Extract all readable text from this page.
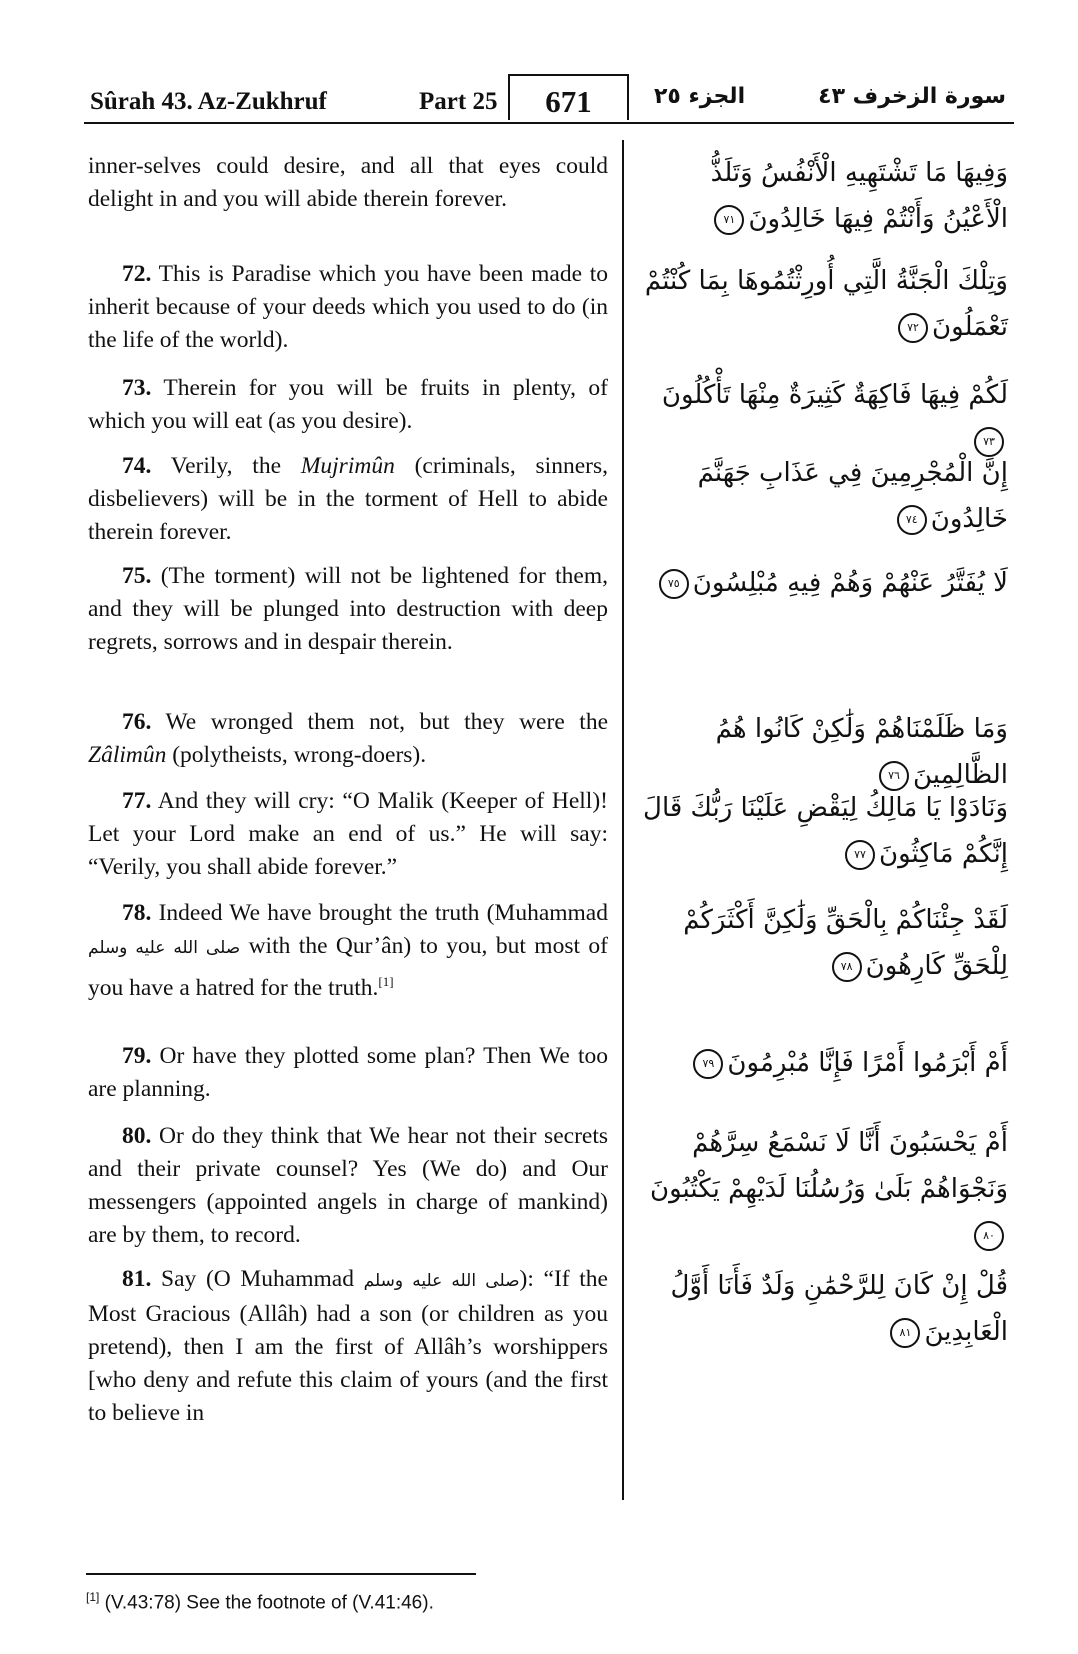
Sûrah 43. Az-Zukhruf	Part 25	671	الجزء ٢٥	سورة الزخرف ٤٣
inner-selves could desire, and all that eyes could delight in and you will abide therein forever.
وَفِيهَا مَا تَشْتَهِيهِ الْأَنْفُسُ وَتَلَذُّ الْأَعْيُنُ وَأَنْتُمْ فِيهَا خَالِدُونَ٧١
72. This is Paradise which you have been made to inherit because of your deeds which you used to do (in the life of the world).
وَتِلْكَ الْجَنَّةُ الَّتِي أُورِثْتُمُوهَا بِمَا كُنْتُمْ تَعْمَلُونَ٧٢
73. Therein for you will be fruits in plenty, of which you will eat (as you desire).
لَكُمْ فِيهَا فَاكِهَةٌ كَثِيرَةٌ مِنْهَا تَأْكُلُونَ٧٣
74. Verily, the Mujrimûn (criminals, sinners, disbelievers) will be in the torment of Hell to abide therein forever.
إِنَّ الْمُجْرِمِينَ فِي عَذَابِ جَهَنَّمَ خَالِدُونَ٧٤
75. (The torment) will not be lightened for them, and they will be plunged into destruction with deep regrets, sorrows and in despair therein.
لَا يُفَتَّرُ عَنْهُمْ وَهُمْ فِيهِ مُبْلِسُونَ٧٥
76. We wronged them not, but they were the Zâlimûn (polytheists, wrong-doers).
وَمَا ظَلَمْنَاهُمْ وَلَٰكِنْ كَانُوا هُمُ الظَّالِمِينَ٧٦
77. And they will cry: “O Malik (Keeper of Hell)! Let your Lord make an end of us.” He will say: “Verily, you shall abide forever.”
وَنَادَوْا يَا مَالِكُ لِيَقْضِ عَلَيْنَا رَبُّكَ قَالَ إِنَّكُمْ مَاكِثُونَ٧٧
78. Indeed We have brought the truth (Muhammad صلى الله عليه وسلم with the Qur’ân) to you, but most of you have a hatred for the truth.[1]
لَقَدْ جِئْنَاكُمْ بِالْحَقِّ وَلَٰكِنَّ أَكْثَرَكُمْ لِلْحَقِّ كَارِهُونَ٧٨
79. Or have they plotted some plan? Then We too are planning.
أَمْ أَبْرَمُوا أَمْرًا فَإِنَّا مُبْرِمُونَ٧٩
80. Or do they think that We hear not their secrets and their private counsel? Yes (We do) and Our messengers (appointed angels in charge of mankind) are by them, to record.
أَمْ يَحْسَبُونَ أَنَّا لَا نَسْمَعُ سِرَّهُمْ وَنَجْوَاهُمْ بَلَىٰ وَرُسُلُنَا لَدَيْهِمْ يَكْتُبُونَ٨٠
81. Say (O Muhammad صلى الله عليه وسلم): “If the Most Gracious (Allâh) had a son (or children as you pretend), then I am the first of Allâh’s worshippers [who deny and refute this claim of yours (and the first to believe in
قُلْ إِنْ كَانَ لِلرَّحْمَٰنِ وَلَدٌ فَأَنَا أَوَّلُ الْعَابِدِينَ٨١
[1] (V.43:78) See the footnote of (V.41:46).
